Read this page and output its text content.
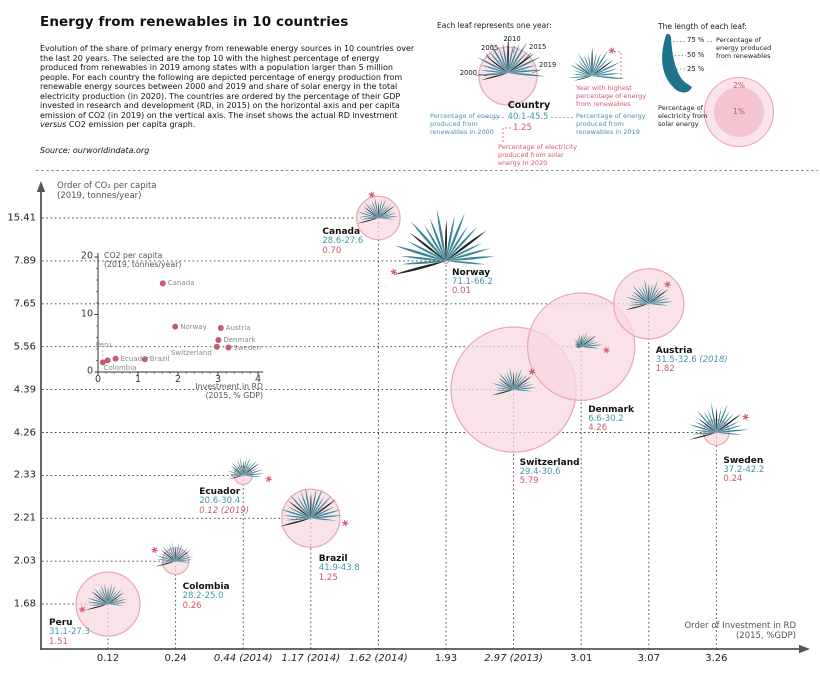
Energy from renewables in 10 countries
Evolution of the share of primary energy from renewable energy sources in 10 countries over the last 20 years. The selected are the top 10 with the highest percentage of energy produced from renewables in 2019 among states with a population larger than 5 million people. For each country the following are depicted percentage of energy production from renewable energy sources between 2000 and 2019 and share of solar energy in the total electricity production (in 2020). The countries are ordered by the percentage of their GDP invested in research and development (RD, in 2015) on the horizontal axis and per capita emission of CO2 (in 2019) on the vertical axis. The inset shows the actual RD investment versus CO2 emission per capita graph.
Source: ourworldindata.org
Each leaf represents one year:
Country
40.1-45.5
1.25
Percentage of energy produced from renewables in 2000
Percentage of energy produced from renewables in 2019
Percentage of electricity produced from solar energy in 2020
Year with highest percentage of energy from renewables
The length of each leaf:
Percentage of energy produced from renewables
Percentage of electricity from solar energy
2%
1%
Order of CO₂ per capita
(2019, tonnes/year)
Order of Investment in RD
(2015, %GDP)
CO2 per capita
(2019, tonnes/year)
Investment in RD
(2015, % GDP)
15.41
7.89
7.65
5.56
4.39
4.26
2.33
2.21
2.03
1.68
0.12	0.24	0.44 (2014) 1.17 (2014) 1.62 (2014)	1.93	2.97 (2013)	3.01	3.07	3.26
Peru
31.1-27.3
1.51
Colombia
28.2-25.0
0.26
Ecuador
20.6-30.4
0.12 (2019)
Brazil
41.9-43.8
1.25
Canada
28.6-27.6
0.70
Norway
71.1-66.2
0.01
Switzerland
29.4-30.6
5.79
Denmark
6.6-30.2
4.26
Austria
31.5-32.6 (2018)
1.82
Sweden
37.2-42.2
0.24
0	1	2	3	4
0
10
20
Peru
Colombia
Ecuador Brazil
Canada
Norway
Switzerland
Denmark
Austria
Sweden
2000
2005
2010
2015
2019
75 %
50 %
25 %
